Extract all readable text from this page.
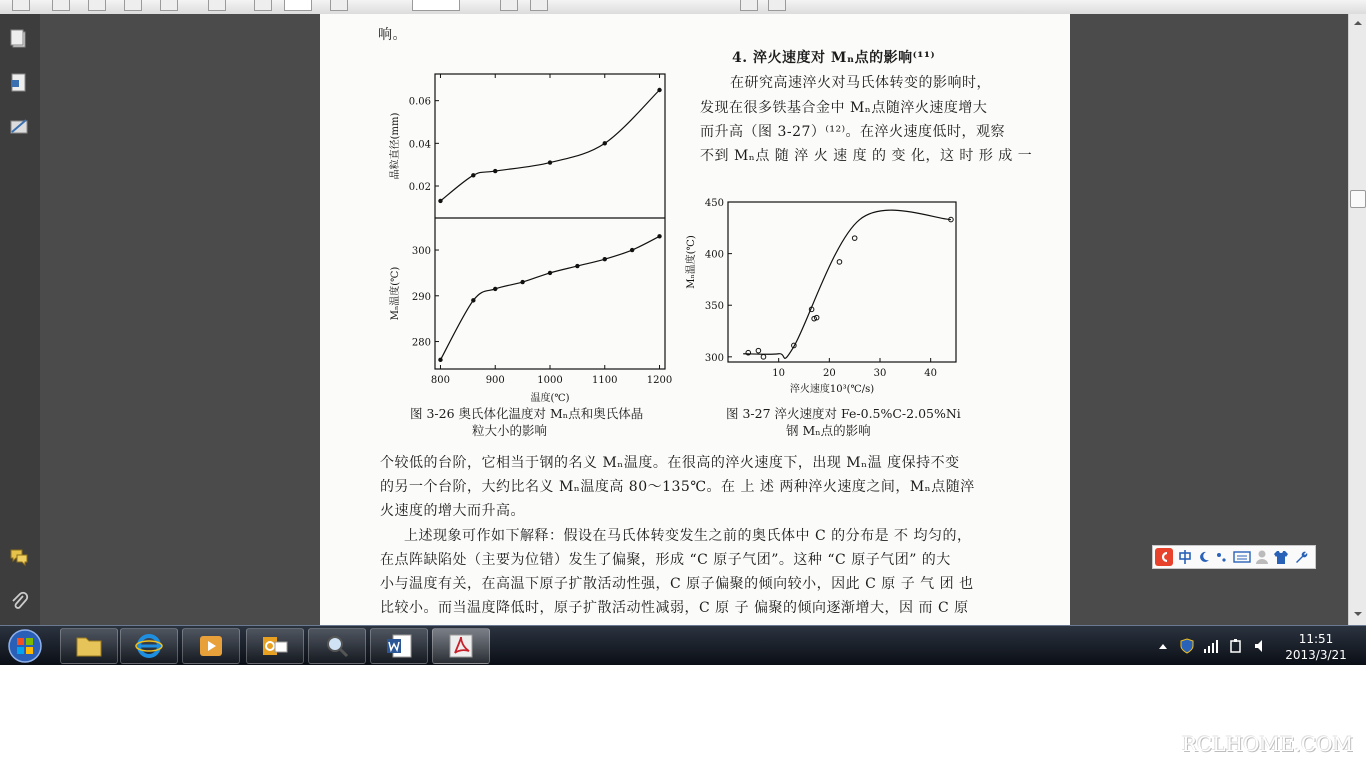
响。
4. 淬火速度对 Mₙ点的影响⁽¹¹⁾
在研究高速淬火对马氏体转变的影响时，
发现在很多铁基合金中 Mₙ点随淬火速度增大
而升高（图 3-27）⁽¹²⁾。在淬火速度低时，观察
不到 Mₙ点 随 淬 火 速 度 的 变 化，这 时 形 成 一
0.02
0.04
0.06
晶粒直径(mm)
280
290
300
800	900	1000	1100	1200
Mₙ温度(℃)
温度(℃)
300
350
400
450
10	20	30	40
Mₙ温度(℃)
淬火速度10³(℃/s)
图 3-26 奥氏体化温度对 Mₙ点和奥氏体晶
粒大小的影响
图 3-27 淬火速度对 Fe-0.5%C-2.05%Ni
钢 Mₙ点的影响
个较低的台阶，它相当于钢的名义 Mₙ温度。在很高的淬火速度下，出现 Mₙ温 度保持不变
的另一个台阶，大约比名义 Mₙ温度高 80～135℃。在 上 述 两种淬火速度之间，Mₙ点随淬
火速度的增大而升高。
上述现象可作如下解释：假设在马氏体转变发生之前的奥氏体中 C 的分布是 不 均匀的，
在点阵缺陷处（主要为位错）发生了偏聚，形成 “C 原子气团”。这种 “C 原子气团” 的大
小与温度有关，在高温下原子扩散活动性强，C 原子偏聚的倾向较小，因此 C 原 子 气 团 也
比较小。而当温度降低时，原子扩散活动性减弱，C 原 子 偏聚的倾向逐渐增大，因 而 C 原
11:51
2013/3/21
RCLHOME.COM
